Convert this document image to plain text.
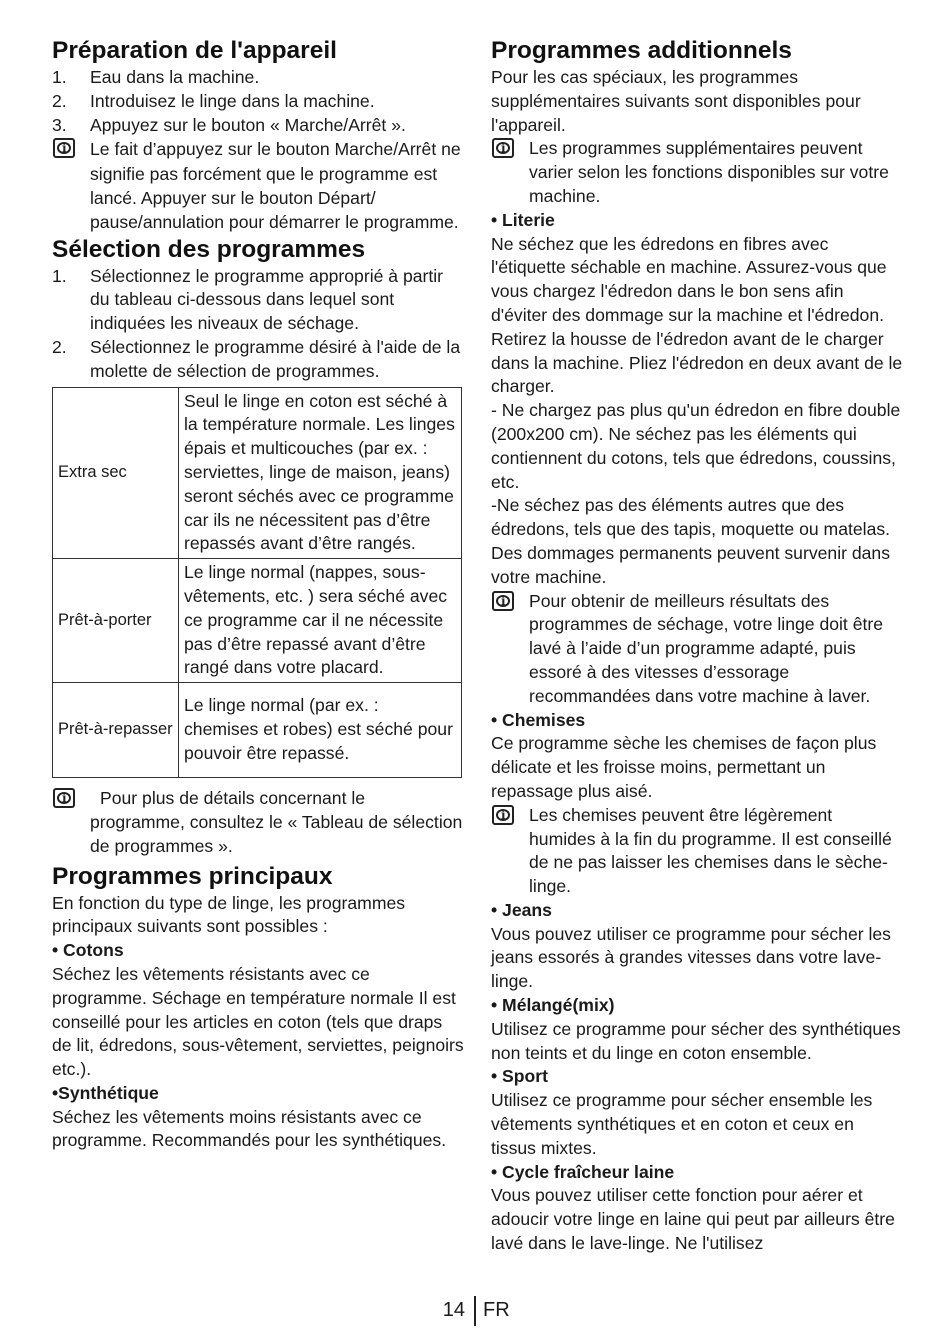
Préparation de l'appareil
1. Eau dans la machine.
2. Introduisez le linge dans la machine.
3. Appuyez sur le bouton « Marche/Arrêt ».
i
Le fait d’appuyez sur le bouton Marche/Arrêt ne signifie pas forcément que le programme est lancé. Appuyer sur le bouton Départ/ pause/annulation pour démarrer le programme.
Sélection des programmes
1. Sélectionnez le programme approprié à partir du tableau ci-dessous dans lequel sont indiquées les niveaux de séchage.
2. Sélectionnez le programme désiré à l'aide de la molette de sélection de programmes.
Extra sec	Seul le linge en coton est séché à la température normale. Les linges épais et multicouches (par ex. : serviettes, linge de maison, jeans) seront séchés avec ce programme car ils ne nécessitent pas d’être repassés avant d’être rangés.
Prêt-à-porter	Le linge normal (nappes, sous-vêtements, etc. ) sera séché avec ce programme car il ne nécessite pas d’être repassé avant d’être rangé dans votre placard.
Prêt-à-repasser	Le linge normal (par ex. : chemises et robes) est séché pour pouvoir être repassé.
i
Pour plus de détails concernant le programme, consultez le « Tableau de sélection de programmes ».
Programmes principaux

En fonction du type de linge, les programmes principaux suivants sont possibles :

• Cotons

Séchez les vêtements résistants avec ce programme. Séchage en température normale Il est conseillé pour les articles en coton (tels que draps de lit, édredons, sous-vêtement, serviettes, peignoirs etc.).

•Synthétique

Séchez les vêtements moins résistants avec ce programme. Recommandés pour les synthétiques.

Programmes additionnels

Pour les cas spéciaux, les programmes supplémentaires suivants sont disponibles pour l'appareil.

i
Les programmes supplémentaires peuvent varier selon les fonctions disponibles sur votre machine.

• Literie

Ne séchez que les édredons en fibres avec l'étiquette séchable en machine. Assurez-vous que vous chargez l'édredon dans le bon sens afin d'éviter des dommage sur la machine et l'édredon. Retirez la housse de l'édredon avant de le charger dans la machine. Pliez l'édredon en deux avant de le charger.

- Ne chargez pas plus qu'un édredon en fibre double (200x200 cm). Ne séchez pas les éléments qui contiennent du cotons, tels que édredons, coussins, etc.

-Ne séchez pas des éléments autres que des édredons, tels que des tapis, moquette ou matelas. Des dommages permanents peuvent survenir dans votre machine.

i
Pour obtenir de meilleurs résultats des programmes de séchage, votre linge doit être lavé à l’aide d’un programme adapté, puis essoré à des vitesses d’essorage recommandées dans votre machine à laver.

• Chemises

Ce programme sèche les chemises de façon plus délicate et les froisse moins, permettant un repassage plus aisé.

i
Les chemises peuvent être légèrement humides à la fin du programme. Il est conseillé de ne pas laisser les chemises dans le sèche-linge.

• Jeans

Vous pouvez utiliser ce programme pour sécher les jeans essorés à grandes vitesses dans votre lave-linge.

• Mélangé(mix)

Utilisez ce programme pour sécher des synthétiques non teints et du linge en coton ensemble.

• Sport

Utilisez ce programme pour sécher ensemble les vêtements synthétiques et en coton et ceux en tissus mixtes.

• Cycle fraîcheur laine

Vous pouvez utiliser cette fonction pour aérer et adoucir votre linge en laine qui peut par ailleurs être lavé dans le lave-linge. Ne l'utilisez

14 FR
